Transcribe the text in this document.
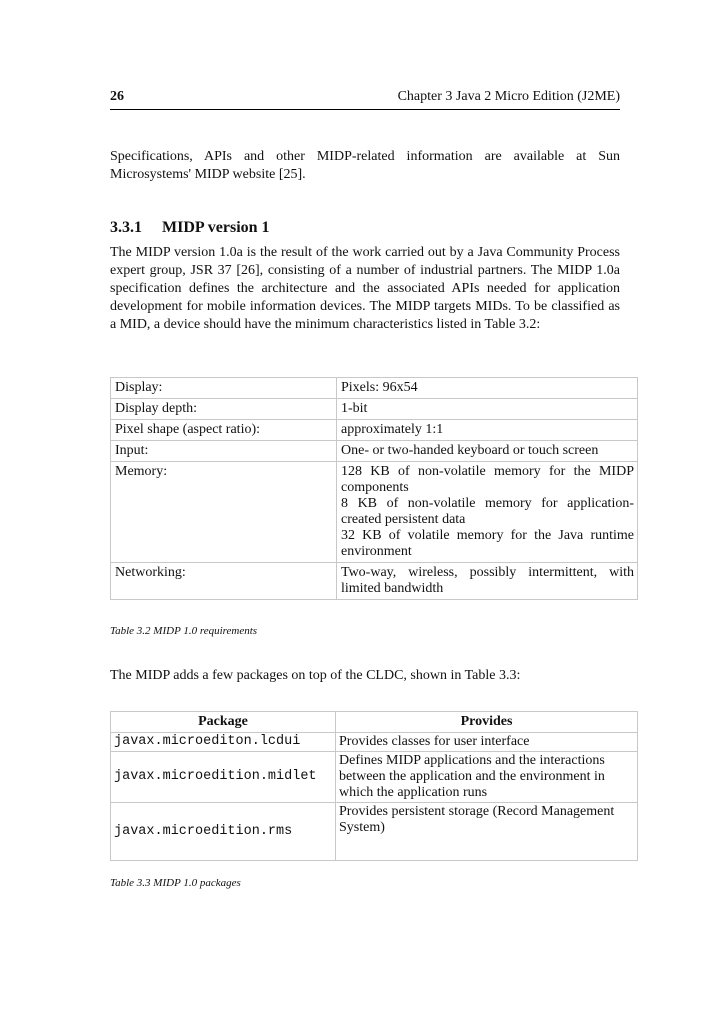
26	Chapter 3 Java 2 Micro Edition (J2ME)
Specifications, APIs and other MIDP-related information are available at Sun Microsystems' MIDP website [25].
3.3.1 MIDP version 1
The MIDP version 1.0a is the result of the work carried out by a Java Community Process expert group, JSR 37 [26], consisting of a number of industrial partners. The MIDP 1.0a specification defines the architecture and the associated APIs needed for application development for mobile information devices. The MIDP targets MIDs. To be classified as a MID, a device should have the minimum characteristics listed in Table 3.2:
Display:	Pixels: 96x54
Display depth:	1-bit
Pixel shape (aspect ratio):	approximately 1:1
Input:	One- or two-handed keyboard or touch screen
Memory:	128 KB of non-volatile memory for the MIDP components
8 KB of non-volatile memory for application-created persistent data
32 KB of volatile memory for the Java runtime environment

Networking:	Two-way, wireless, possibly intermittent, with limited bandwidth
Table 3.2 MIDP 1.0 requirements
The MIDP adds a few packages on top of the CLDC, shown in Table 3.3:
Package	Provides
javax.microediton.lcdui	Provides classes for user interface
javax.microedition.midlet	Defines MIDP applications and the interactions between the application and the environment in which the application runs
javax.microedition.rms	Provides persistent storage (Record Management System)
Table 3.3 MIDP 1.0 packages
